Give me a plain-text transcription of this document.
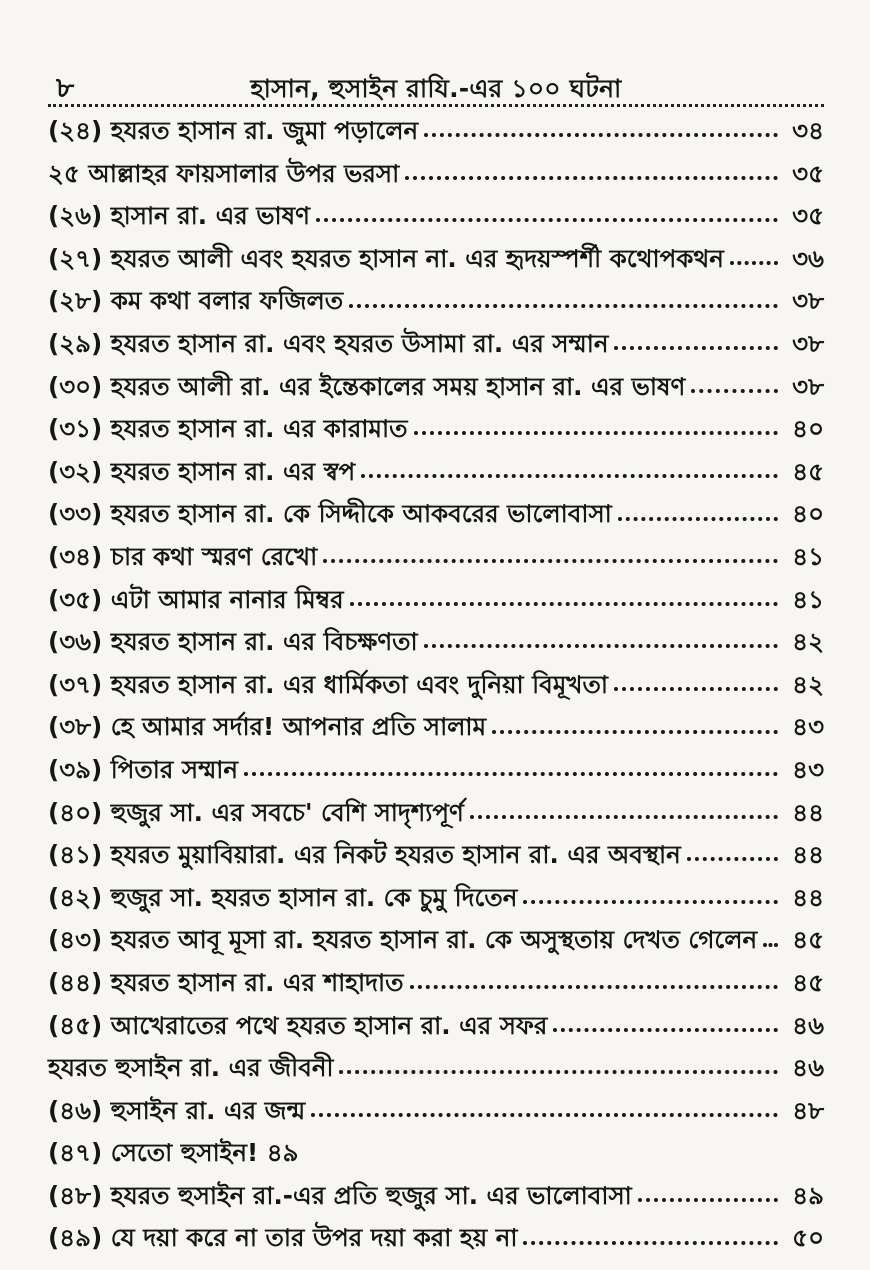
৮	হাসান, হুসাইন রাযি.-এর ১০০ ঘটনা
(২৪) হযরত হাসান রা. জুমা পড়ালেন	৩৪
২৫ আল্লাহর ফায়সালার উপর ভরসা	৩৫
(২৬) হাসান রা. এর ভাষণ	৩৫
(২৭) হযরত আলী এবং হযরত হাসান না. এর হৃদয়স্পর্শী কথোপকথন	৩৬
(২৮) কম কথা বলার ফজিলত	৩৮
(২৯) হযরত হাসান রা. এবং হযরত উসামা রা. এর সম্মান	৩৮
(৩০) হযরত আলী রা. এর ইন্তেকালের সময় হাসান রা. এর ভাষণ	৩৮
(৩১) হযরত হাসান রা. এর কারামাত	৪০
(৩২) হযরত হাসান রা. এর স্বপ	৪৫
(৩৩) হযরত হাসান রা. কে সিদ্দীকে আকবরের ভালোবাসা	৪০
(৩৪) চার কথা স্মরণ রেখো	৪১
(৩৫) এটা আমার নানার মিম্বর	৪১
(৩৬) হযরত হাসান রা. এর বিচক্ষণতা	৪২
(৩৭) হযরত হাসান রা. এর ধার্মিকতা এবং দুনিয়া বিমূখতা	৪২
(৩৮) হে আমার সর্দার! আপনার প্রতি সালাম	৪৩
(৩৯) পিতার সম্মান	৪৩
(৪০) হুজুর সা. এর সবচে' বেশি সাদৃশ্যপূর্ণ	৪৪
(৪১) হযরত মুয়াবিয়ারা. এর নিকট হযরত হাসান রা. এর অবস্থান	৪৪
(৪২) হুজুর সা. হযরত হাসান রা. কে চুমু দিতেন	৪৪
(৪৩) হযরত আবূ মূসা রা. হযরত হাসান রা. কে অসুস্থতায় দেখত গেলেন	৪৫
(৪৪) হযরত হাসান রা. এর শাহাদাত	৪৫
(৪৫) আখেরাতের পথে হযরত হাসান রা. এর সফর	৪৬
হযরত হুসাইন রা. এর জীবনী	৪৬
(৪৬) হুসাইন রা. এর জন্ম	৪৮
(৪৭) সেতো হুসাইন! ৪৯
(৪৮) হযরত হুসাইন রা.-এর প্রতি হুজুর সা. এর ভালোবাসা	৪৯
(৪৯) যে দয়া করে না তার উপর দয়া করা হয় না	৫০
